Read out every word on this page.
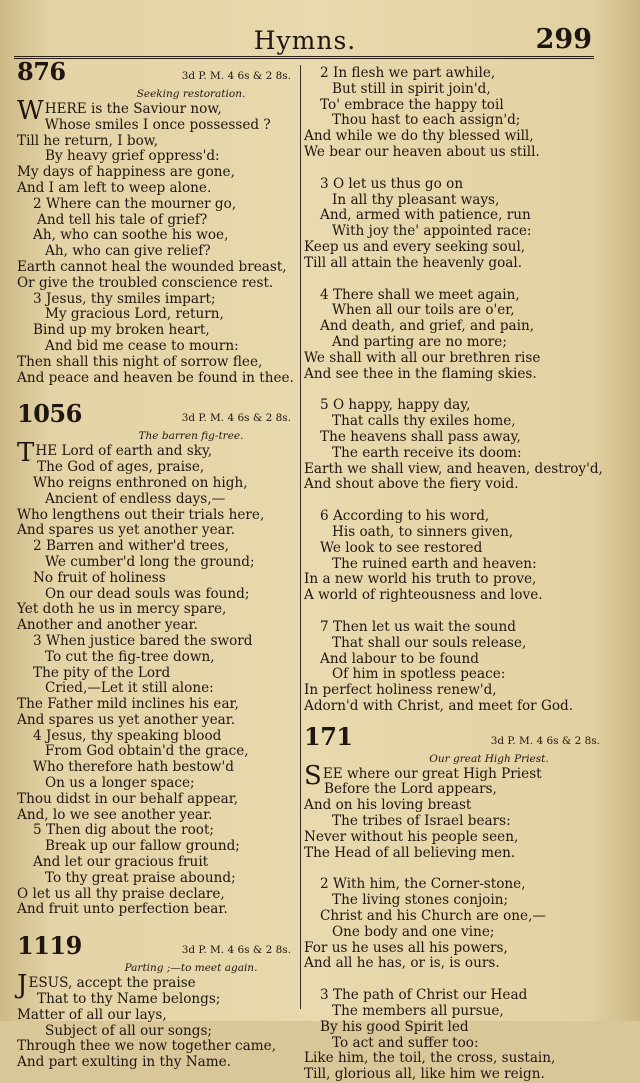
Hymns.	299
876	3d P. M. 4 6s & 2 8s.
Seeking restoration.
WHERE is the Saviour now,
Whose smiles I once possessed ?
Till he return, I bow,
By heavy grief oppress'd:
My days of happiness are gone,
And I am left to weep alone.
2 Where can the mourner go,
And tell his tale of grief?
Ah, who can soothe his woe,
Ah, who can give relief?
Earth cannot heal the wounded breast,
Or give the troubled conscience rest.
3 Jesus, thy smiles impart;
My gracious Lord, return,
Bind up my broken heart,
And bid me cease to mourn:
Then shall this night of sorrow flee,
And peace and heaven be found in thee.
1056	3d P. M. 4 6s & 2 8s.
The barren fig-tree.
THE Lord of earth and sky,
The God of ages, praise,
Who reigns enthroned on high,
Ancient of endless days,—
Who lengthens out their trials here,
And spares us yet another year.
2 Barren and wither'd trees,
We cumber'd long the ground;
No fruit of holiness
On our dead souls was found;
Yet doth he us in mercy spare,
Another and another year.
3 When justice bared the sword
To cut the fig-tree down,
The pity of the Lord
Cried,—Let it still alone:
The Father mild inclines his ear,
And spares us yet another year.
4 Jesus, thy speaking blood
From God obtain'd the grace,
Who therefore hath bestow'd
On us a longer space;
Thou didst in our behalf appear,
And, lo we see another year.
5 Then dig about the root;
Break up our fallow ground;
And let our gracious fruit
To thy great praise abound;
O let us all thy praise declare,
And fruit unto perfection bear.
1119	3d P. M. 4 6s & 2 8s.
Parting ;—to meet again.
JESUS, accept the praise
That to thy Name belongs;
Matter of all our lays,
Subject of all our songs;
Through thee we now together came,
And part exulting in thy Name.
2 In flesh we part awhile,
But still in spirit join'd,
To' embrace the happy toil
Thou hast to each assign'd;
And while we do thy blessed will,
We bear our heaven about us still.
3 O let us thus go on
In all thy pleasant ways,
And, armed with patience, run
With joy the' appointed race:
Keep us and every seeking soul,
Till all attain the heavenly goal.
4 There shall we meet again,
When all our toils are o'er,
And death, and grief, and pain,
And parting are no more;
We shall with all our brethren rise
And see thee in the flaming skies.
5 O happy, happy day,
That calls thy exiles home,
The heavens shall pass away,
The earth receive its doom:
Earth we shall view, and heaven, destroy'd,
And shout above the fiery void.
6 According to his word,
His oath, to sinners given,
We look to see restored
The ruined earth and heaven:
In a new world his truth to prove,
A world of righteousness and love.
7 Then let us wait the sound
That shall our souls release,
And labour to be found
Of him in spotless peace:
In perfect holiness renew'd,
Adorn'd with Christ, and meet for God.
171	3d P. M. 4 6s & 2 8s.
Our great High Priest.
SEE where our great High Priest
Before the Lord appears,
And on his loving breast
The tribes of Israel bears:
Never without his people seen,
The Head of all believing men.
2 With him, the Corner-stone,
The living stones conjoin;
Christ and his Church are one,—
One body and one vine;
For us he uses all his powers,
And all he has, or is, is ours.
3 The path of Christ our Head
The members all pursue,
By his good Spirit led
To act and suffer too:
Like him, the toil, the cross, sustain,
Till, glorious all, like him we reign.
